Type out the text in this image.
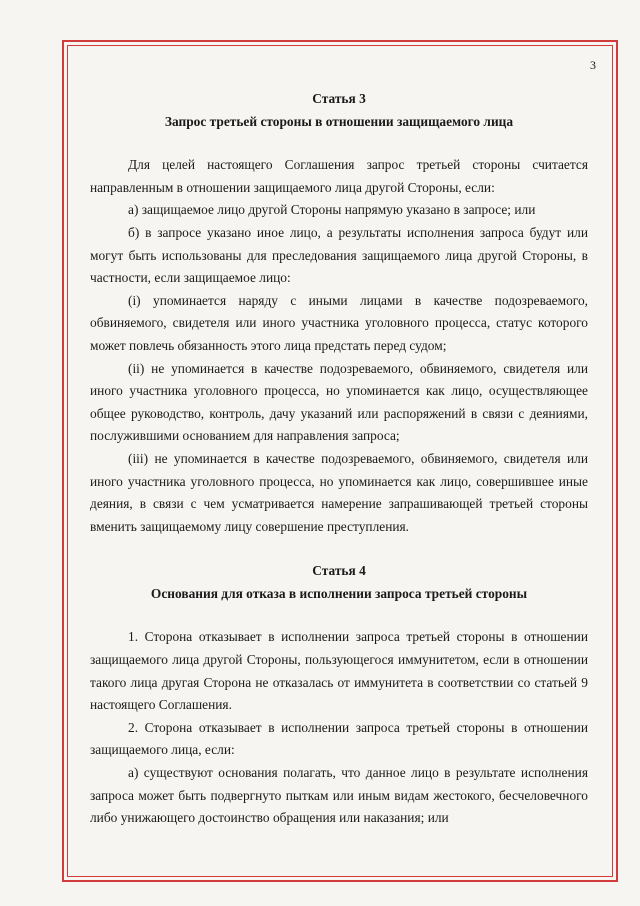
3

Статья 3

Запрос третьей стороны в отношении защищаемого лица

Для целей настоящего Соглашения запрос третьей стороны считается направленным в отношении защищаемого лица другой Стороны, если:

а) защищаемое лицо другой Стороны напрямую указано в запросе; или

б) в запросе указано иное лицо, а результаты исполнения запроса будут или могут быть использованы для преследования защищаемого лица другой Стороны, в частности, если защищаемое лицо:

(i) упоминается наряду с иными лицами в качестве подозреваемого, обвиняемого, свидетеля или иного участника уголовного процесса, статус которого может повлечь обязанность этого лица предстать перед судом;

(ii) не упоминается в качестве подозреваемого, обвиняемого, свидетеля или иного участника уголовного процесса, но упоминается как лицо, осуществляющее общее руководство, контроль, дачу указаний или распоряжений в связи с деяниями, послужившими основанием для направления запроса;

(iii) не упоминается в качестве подозреваемого, обвиняемого, свидетеля или иного участника уголовного процесса, но упоминается как лицо, совершившее иные деяния, в связи с чем усматривается намерение запрашивающей третьей стороны вменить защищаемому лицу совершение преступления.

Статья 4

Основания для отказа в исполнении запроса третьей стороны

1. Сторона отказывает в исполнении запроса третьей стороны в отношении защищаемого лица другой Стороны, пользующегося иммунитетом, если в отношении такого лица другая Сторона не отказалась от иммунитета в соответствии со статьей 9 настоящего Соглашения.

2. Сторона отказывает в исполнении запроса третьей стороны в отношении защищаемого лица, если:

а) существуют основания полагать, что данное лицо в результате исполнения запроса может быть подвергнуто пыткам или иным видам жестокого, бесчеловечного либо унижающего достоинство обращения или наказания; или
